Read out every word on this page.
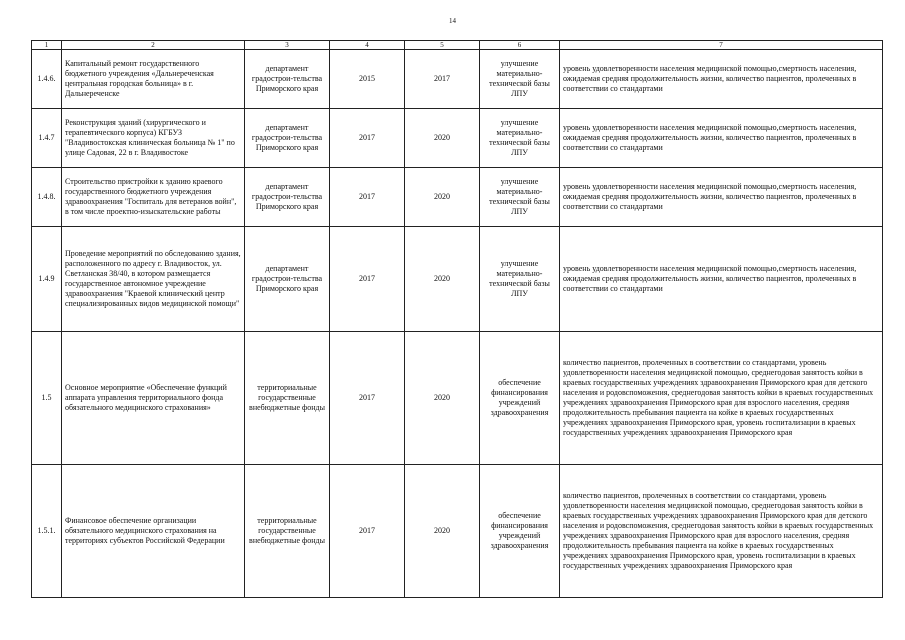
14
1	2	3	4	5	6	7
1.4.6.	Капитальный ремонт государственного бюджетного учреждения «Дальнереченская центральная городская больница» в г. Дальнереченске	департамент градострои-тельства Приморского края	2015	2017	улучшение материально-технической базы ЛПУ	уровень удовлетворенности населения медицинской помощью,смертность населения, ожидаемая средняя продолжительность жизни, количество пациентов, пролеченных в соответствии со стандартами
1.4.7	Реконструкция зданий (хирургического и терапевтического корпуса) КГБУЗ "Владивостокская клиническая больница № 1" по улице Садовая, 22 в г. Владивостоке	департамент градострои-тельства Приморского края	2017	2020	улучшение материально-технической базы ЛПУ	уровень удовлетворенности населения медицинской помощью,смертность населения, ожидаемая средняя продолжительность жизни, количество пациентов, пролеченных в соответствии со стандартами
1.4.8.	Строительство пристройки к зданию краевого государственного бюджетного учреждения здравоохранения "Госпиталь для ветеранов войн", в том числе проектно-изыскательские работы	департамент градострои-тельства Приморского края	2017	2020	улучшение материально-технической базы ЛПУ	уровень удовлетворенности населения медицинской помощью,смертность населения, ожидаемая средняя продолжительность жизни, количество пациентов, пролеченных в соответствии со стандартами
1.4.9	Проведение мероприятий по обследованию здания, расположенного по адресу г. Владивосток, ул. Светланская 38/40, в котором размещается государственное автономное учреждение здравоохранения "Краевой клинический центр специализированных видов медицинской помощи"	департамент градострои-тельства Приморского края	2017	2020	улучшение материально-технической базы ЛПУ	уровень удовлетворенности населения медицинской помощью,смертность населения, ожидаемая средняя продолжительность жизни, количество пациентов, пролеченных в соответствии со стандартами
1.5	Основное мероприятие «Обеспечение функций аппарата управления территориального фонда обязательного медицинского страхования»	территориальные государственные внебюджетные фонды	2017	2020	обеспечение финансирования учреждений здравоохранения	количество пациентов, пролеченных в соответствии со стандартами, уровень удовлетворенности населения медицинской помощью, среднегодовая занятость койки в краевых государственных учреждениях здравоохранения Приморского края для детского населения и родовспоможения, среднегодовая занятость койки в краевых государственных учреждениях здравоохранения Приморского края для взрослого населения, средняя продолжительность пребывания пациента на койке в краевых государственных учреждениях здравоохранения Приморского края, уровень госпитализации в краевых государственных учреждениях здравоохранения Приморского края
1.5.1.	Финансовое обеспечение организации обязательного медицинского страхования на территориях субъектов Российской Федерации	территориальные государственные внебюджетные фонды	2017	2020	обеспечение финансирования учреждений здравоохранения	количество пациентов, пролеченных в соответствии со стандартами, уровень удовлетворенности населения медицинской помощью, среднегодовая занятость койки в краевых государственных учреждениях здравоохранения Приморского края для детского населения и родовспоможения, среднегодовая занятость койки в краевых государственных учреждениях здравоохранения Приморского края для взрослого населения, средняя продолжительность пребывания пациента на койке в краевых государственных учреждениях здравоохранения Приморского края, уровень госпитализации в краевых государственных учреждениях здравоохранения Приморского края
